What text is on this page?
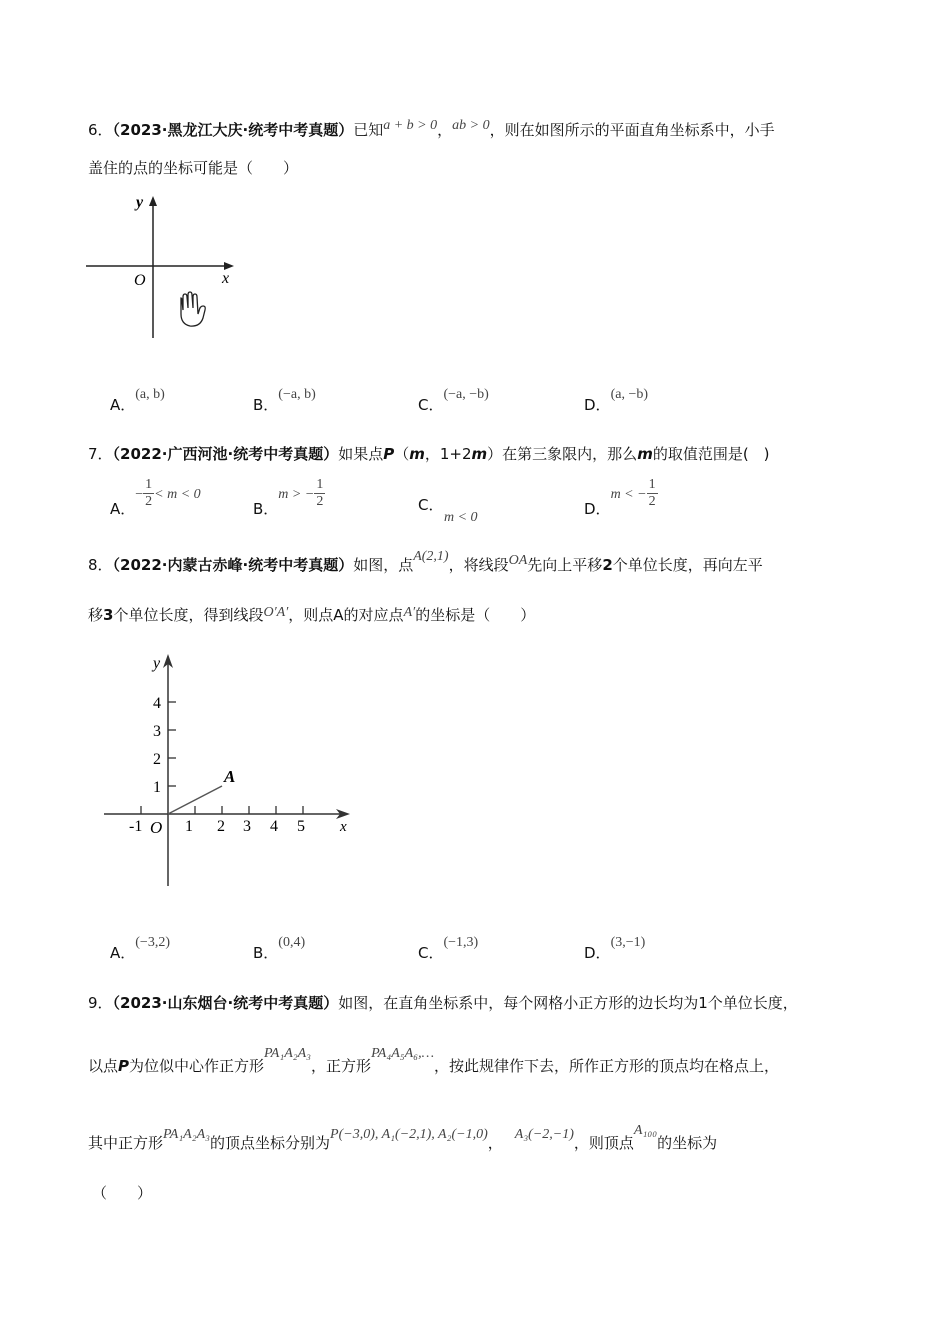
6．（2023·黑龙江大庆·统考中考真题）已知a + b > 0，ab > 0，则在如图所示的平面直角坐标系中，小手
盖住的点的坐标可能是（　　）
y
x
O
A．(a, b)
B．(−a, b)
C．(−a, −b)
D．(a, −b)
7．（2022·广西河池·统考中考真题）如果点P（m，1+2m）在第三象限内，那么m的取值范围是(　)
A．− $\frac{1}{2} < m < 0$
B．m > − $\frac{1}{2}$	C．
m < 0	D．m < − $\frac{1}{2}$
8．（2022·内蒙古赤峰·统考中考真题）如图，点A(2,1)，将线段OA先向上平移2个单位长度，再向左平
移3个单位长度，得到线段O′A′，则点A的对应点A′的坐标是（　　）
y
x
O
A
4
3
2
1
-1	1 2 3 4 5
A．(−3,2)
B．(0,4)
C．(−1,3)
D．(3,−1)
9．（2023·山东烟台·统考中考真题）如图，在直角坐标系中，每个网格小正方形的边长均为1个单位长度，
以点P为位似中心作正方形PA₁A₂A₃，正方形PA₄A₅A₆,…，按此规律作下去，所作正方形的顶点均在格点上，
其中正方形PA₁A₂A₃的顶点坐标分别为P(−3,0), A₁(−2,1), A₂(−1,0)， A₃(−2,−1)，则顶点A₁₀₀的坐标为
（　　）
